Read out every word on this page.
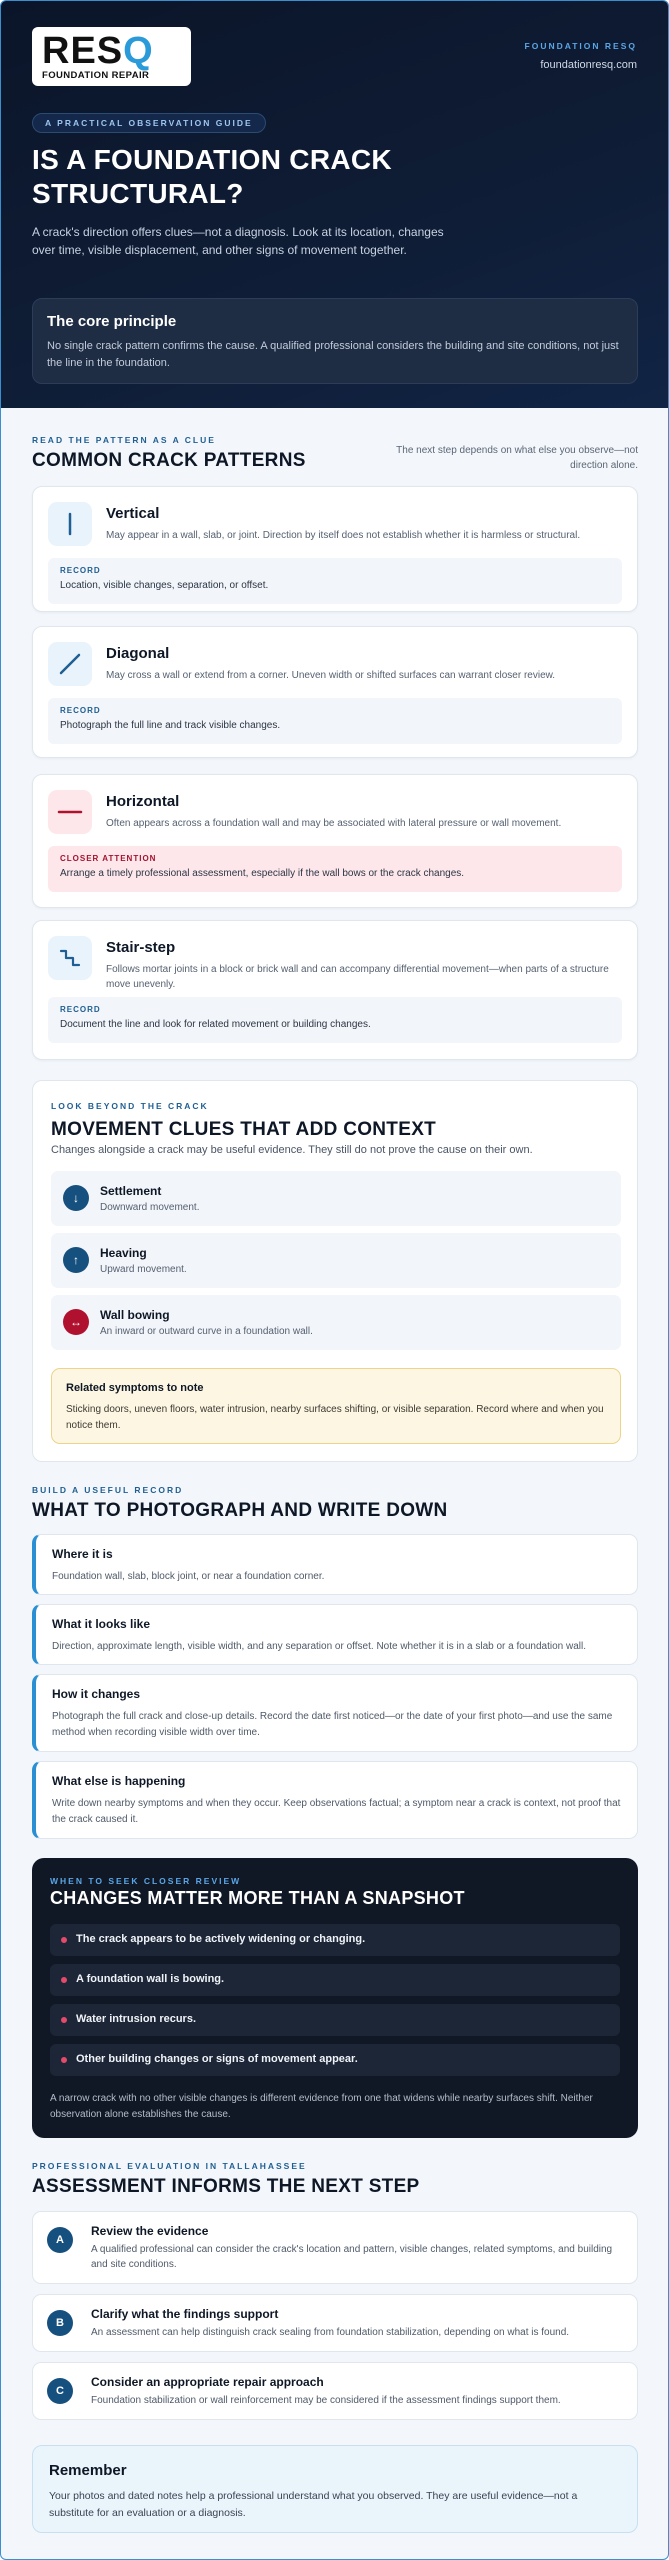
RESQ
FOUNDATION REPAIR
FOUNDATION RESQ
foundationresq.com
A PRACTICAL OBSERVATION GUIDE
IS A FOUNDATION CRACK STRUCTURAL?

A crack's direction offers clues—not a diagnosis. Look at its location, changes over time, visible displacement, and other signs of movement together.

The core principle
No single crack pattern confirms the cause. A qualified professional considers the building and site conditions, not just the line in the foundation.
READ THE PATTERN AS A CLUE
COMMON CRACK PATTERNS	The next step depends on what else you observe—not direction alone.
Vertical
May appear in a wall, slab, or joint. Direction by itself does not establish whether it is harmless or structural.
RECORD
Location, visible changes, separation, or offset.
Diagonal
May cross a wall or extend from a corner. Uneven width or shifted surfaces can warrant closer review.
RECORD
Photograph the full line and track visible changes.
Horizontal
Often appears across a foundation wall and may be associated with lateral pressure or wall movement.
CLOSER ATTENTION
Arrange a timely professional assessment, especially if the wall bows or the crack changes.
Stair-step
Follows mortar joints in a block or brick wall and can accompany differential movement—when parts of a structure move unevenly.
RECORD
Document the line and look for related movement or building changes.
LOOK BEYOND THE CRACK
MOVEMENT CLUES THAT ADD CONTEXT
Changes alongside a crack may be useful evidence. They still do not prove the cause on their own.
Related symptoms to note
Sticking doors, uneven floors, water intrusion, nearby surfaces shifting, or visible separation. Record where and when you notice them.
↓	Settlement
Downward movement.
↑	Heaving
Upward movement.
↔	Wall bowing
An inward or outward curve in a foundation wall.
BUILD A USEFUL RECORD
WHAT TO PHOTOGRAPH AND WRITE DOWN
Where it is
Foundation wall, slab, block joint, or near a foundation corner.
What it looks like
Direction, approximate length, visible width, and any separation or offset. Note whether it is in a slab or a foundation wall.
How it changes
Photograph the full crack and close-up details. Record the date first noticed—or the date of your first photo—and use the same method when recording visible width over time.
What else is happening
Write down nearby symptoms and when they occur. Keep observations factual; a symptom near a crack is context, not proof that the crack caused it.
WHEN TO SEEK CLOSER REVIEW
CHANGES MATTER MORE THAN A SNAPSHOT
The crack appears to be actively widening or changing.
A foundation wall is bowing.
Water intrusion recurs.
Other building changes or signs of movement appear.
A narrow crack with no other visible changes is different evidence from one that widens while nearby surfaces shift. Neither observation alone establishes the cause.
PROFESSIONAL EVALUATION IN TALLAHASSEE
ASSESSMENT INFORMS THE NEXT STEP
A
Review the evidence
A qualified professional can consider the crack's location and pattern, visible changes, related symptoms, and building and site conditions.
B
Clarify what the findings support
An assessment can help distinguish crack sealing from foundation stabilization, depending on what is found.
C
Consider an appropriate repair approach
Foundation stabilization or wall reinforcement may be considered if the assessment findings support them.
Remember
Your photos and dated notes help a professional understand what you observed. They are useful evidence—not a substitute for an evaluation or a diagnosis.
